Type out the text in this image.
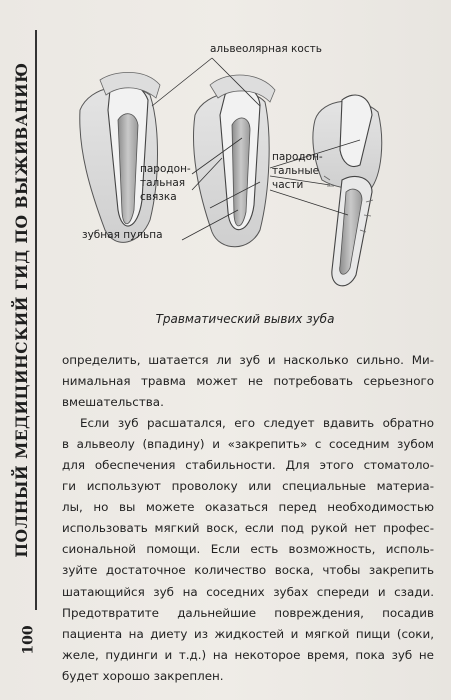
ПОЛНЫЙ МЕДИЦИНСКИЙ ГИД ПО ВЫЖИВАНИЮ
100
альвеолярная кость
пародон-
тальная
связка
зубная пульпа
пародон-
тальные
части
Травматический вывих зуба

определить, шатается ли зуб и насколько сильно. Ми-
нимальная травма может не потребовать серьезного
вмешательства.

Если зуб расшатался, его следует вдавить обратно
в альвеолу (впадину) и «закрепить» с соседним зубом
для обеспечения стабильности. Для этого стоматоло-
ги используют проволоку или специальные материа-
лы, но вы можете оказаться перед необходимостью
использовать мягкий воск, если под рукой нет профес-
сиональной помощи. Если есть возможность, исполь-
зуйте достаточное количество воска, чтобы закрепить
шатающийся зуб на соседних зубах спереди и сзади.
Предотвратите дальнейшие повреждения, посадив
пациента на диету из жидкостей и мягкой пищи (соки,
желе, пудинги и т.д.) на некоторое время, пока зуб не
будет хорошо закреплен.
